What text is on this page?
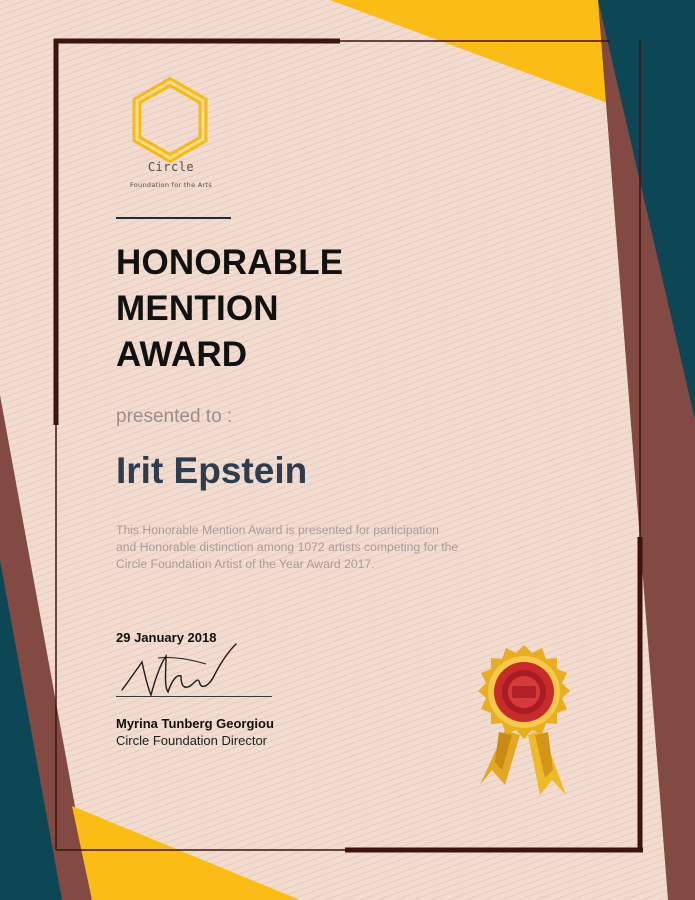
Circle
Foundation for the Arts
HONORABLE
MENTION
AWARD
presented to :
Irit Epstein
This Honorable Mention Award is presented for participation
and Honorable distinction among 1072 artists competing for the
Circle Foundation Artist of the Year Award 2017.
29 January 2018
Myrina Tunberg Georgiou
Circle Foundation Director
